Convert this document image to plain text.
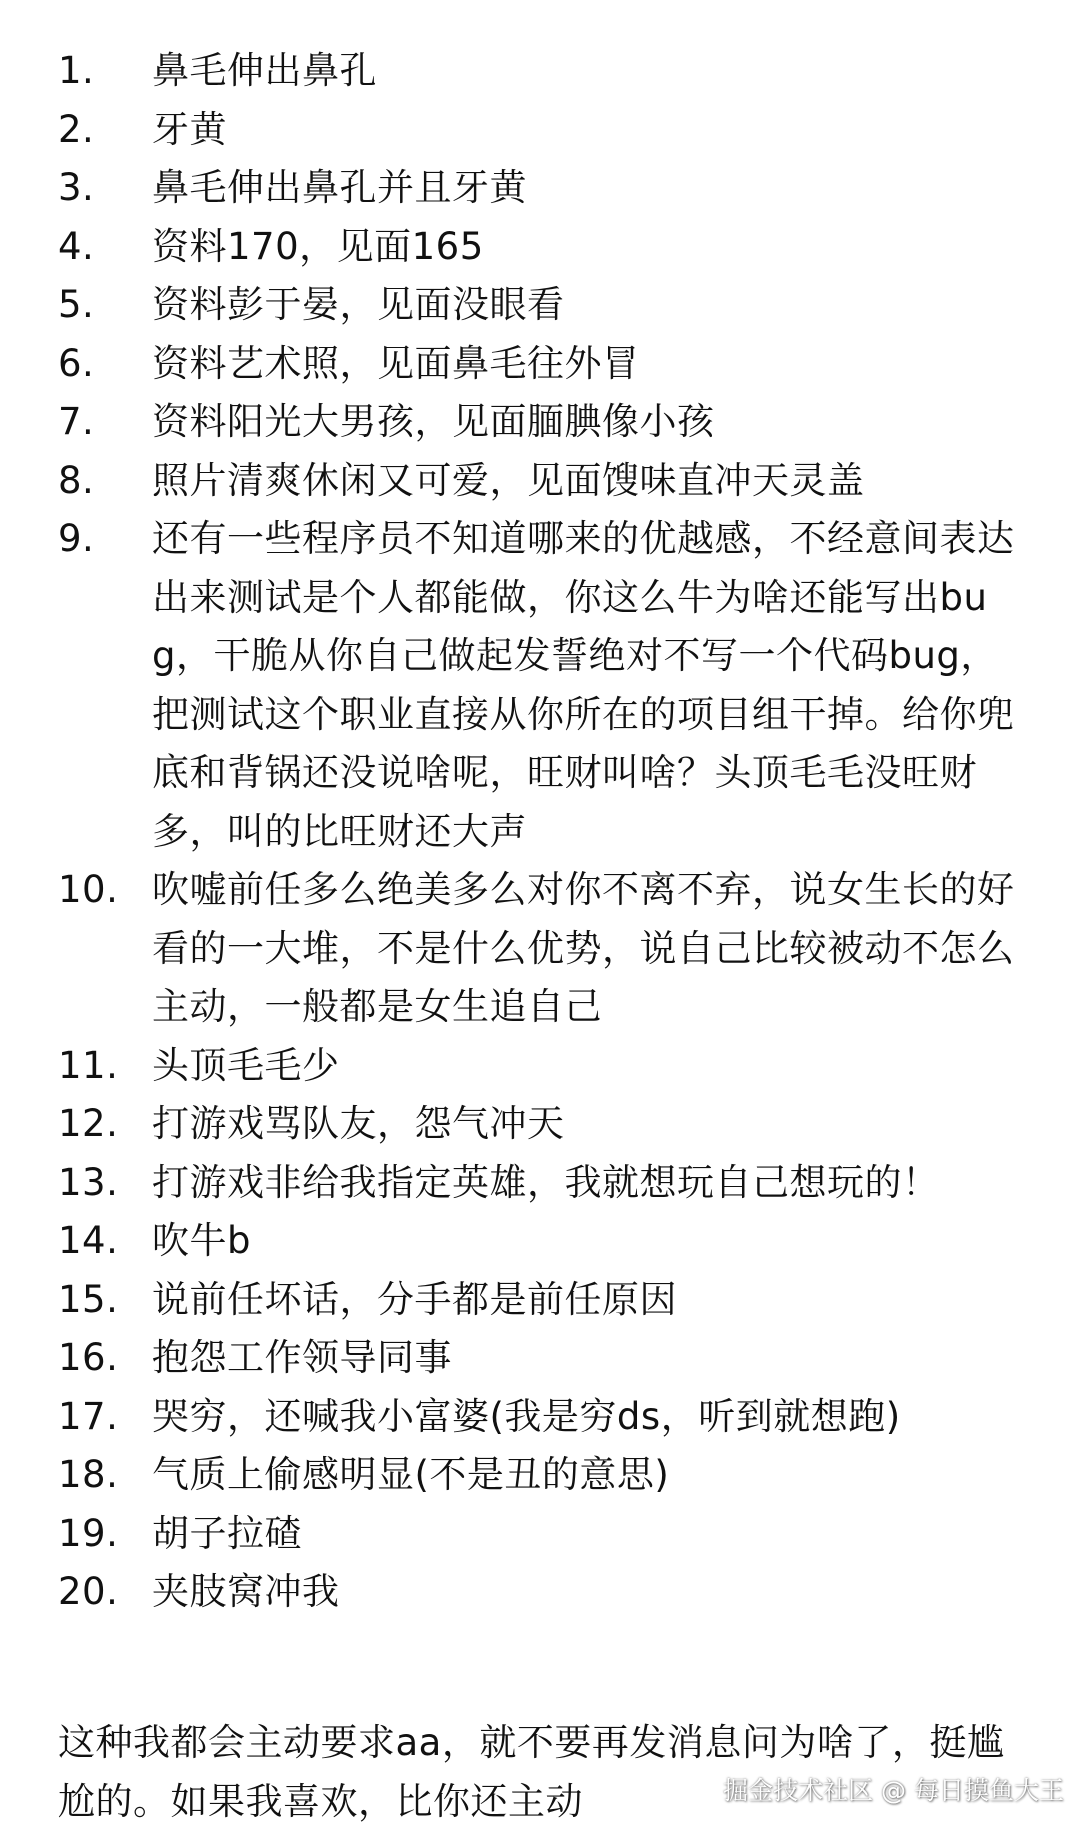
1.	鼻毛伸出鼻孔
2.	牙黄
3.	鼻毛伸出鼻孔并且牙黄
4.	资料170，见面165
5.	资料彭于晏，见面没眼看
6.	资料艺术照，见面鼻毛往外冒
7.	资料阳光大男孩，见面腼腆像小孩
8.	照片清爽休闲又可爱，见面馊味直冲天灵盖
9.	还有一些程序员不知道哪来的优越感，不经意间表达出来测试是个人都能做，你这么牛为啥还能写出bug，干脆从你自己做起发誓绝对不写一个代码bug，把测试这个职业直接从你所在的项目组干掉。给你兜底和背锅还没说啥呢，旺财叫啥？头顶毛毛没旺财多，叫的比旺财还大声
10. 吹嘘前任多么绝美多么对你不离不弃，说女生长的好看的一大堆，不是什么优势，说自己比较被动不怎么主动，一般都是女生追自己
11. 头顶毛毛少
12. 打游戏骂队友，怨气冲天
13. 打游戏非给我指定英雄，我就想玩自己想玩的！
14. 吹牛b
15. 说前任坏话，分手都是前任原因
16. 抱怨工作领导同事
17. 哭穷，还喊我小富婆(我是穷ds，听到就想跑)
18. 气质上偷感明显(不是丑的意思)
19. 胡子拉碴
20. 夹肢窝冲我

这种我都会主动要求aa，就不要再发消息问为啥了，挺尴尬的。如果我喜欢，比你还主动	掘金技术社区 @ 每日摸鱼大王
